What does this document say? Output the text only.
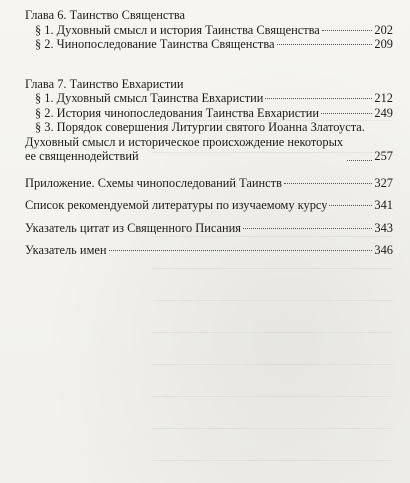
Глава 6. Таинство Священства
§ 1. Духовный смысл и история Таинства Священства	202
§ 2. Чинопоследование Таинства Священства	209
Глава 7. Таинство Евхаристии
§ 1. Духовный смысл Таинства Евхаристии	212
§ 2. История чинопоследования Таинства Евхаристии	249
§ 3. Порядок совершения Литургии святого Иоанна Златоуста.
Духовный смысл и историческое происхождение некоторых ее священнодействий	257
Приложение. Схемы чинопоследований Таинств	327
Список рекомендуемой литературы по изучаемому курсу	341
Указатель цитат из Священного Писания	343
Указатель имен	346
